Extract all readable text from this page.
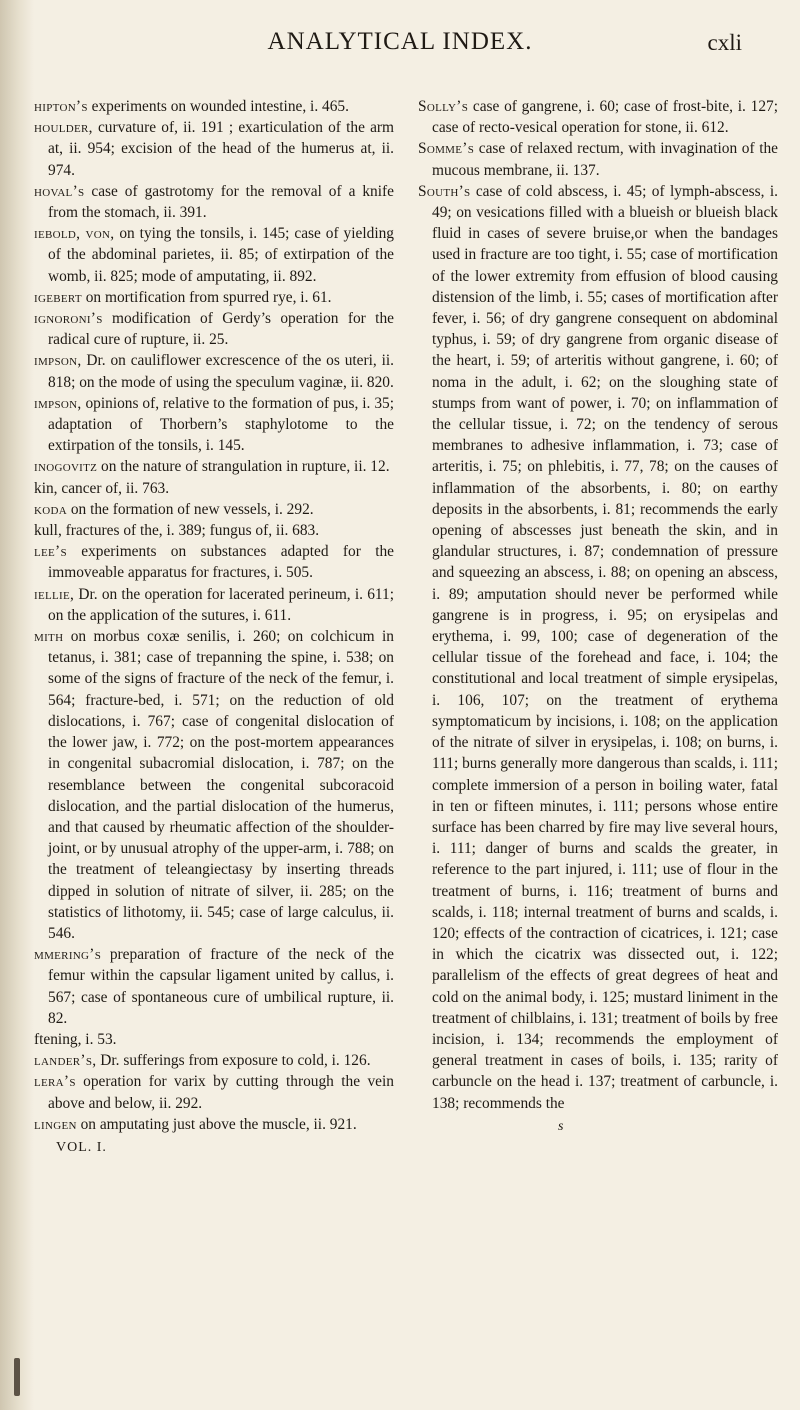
ANALYTICAL INDEX.	cxli

hipton’s experiments on wounded intestine, i. 465.

houlder, curvature of, ii. 191 ; exarticulation of the arm at, ii. 954; excision of the head of the humerus at, ii. 974.

hoval’s case of gastrotomy for the removal of a knife from the stomach, ii. 391.

iebold, von, on tying the tonsils, i. 145; case of yielding of the abdominal parietes, ii. 85; of extirpation of the womb, ii. 825; mode of amputating, ii. 892.

igebert on mortification from spurred rye, i. 61.

ignoroni’s modification of Gerdy’s operation for the radical cure of rupture, ii. 25.

impson, Dr. on cauliflower excrescence of the os uteri, ii. 818; on the mode of using the speculum vaginæ, ii. 820.

impson, opinions of, relative to the formation of pus, i. 35; adaptation of Thorbern’s staphylotome to the extirpation of the tonsils, i. 145.

inogovitz on the nature of strangulation in rupture, ii. 12.

kin, cancer of, ii. 763.

koda on the formation of new vessels, i. 292.

kull, fractures of the, i. 389; fungus of, ii. 683.

lee’s experiments on substances adapted for the immoveable apparatus for fractures, i. 505.

iellie, Dr. on the operation for lacerated perineum, i. 611; on the application of the sutures, i. 611.

mith on morbus coxæ senilis, i. 260; on colchicum in tetanus, i. 381; case of trepanning the spine, i. 538; on some of the signs of fracture of the neck of the femur, i. 564; fracture-bed, i. 571; on the reduction of old dislocations, i. 767; case of congenital dislocation of the lower jaw, i. 772; on the post-mortem appearances in congenital subacromial dislocation, i. 787; on the resemblance between the congenital subcoracoid dislocation, and the partial dislocation of the humerus, and that caused by rheumatic affection of the shoulder-joint, or by unusual atrophy of the upper-arm, i. 788; on the treatment of teleangiectasy by inserting threads dipped in solution of nitrate of silver, ii. 285; on the statistics of lithotomy, ii. 545; case of large calculus, ii. 546.

mmering’s preparation of fracture of the neck of the femur within the capsular ligament united by callus, i. 567; case of spontaneous cure of umbilical rupture, ii. 82.

ftening, i. 53.

lander’s, Dr. sufferings from exposure to cold, i. 126.

lera’s operation for varix by cutting through the vein above and below, ii. 292.

lingen on amputating just above the muscle, ii. 921.

VOL. I.

Solly’s case of gangrene, i. 60; case of frost-bite, i. 127; case of recto-vesical operation for stone, ii. 612.

Somme’s case of relaxed rectum, with invagination of the mucous membrane, ii. 137.

South’s case of cold abscess, i. 45; of lymph-abscess, i. 49; on vesications filled with a blueish or blueish black fluid in cases of severe bruise,or when the bandages used in fracture are too tight, i. 55; case of mortification of the lower extremity from effusion of blood causing distension of the limb, i. 55; cases of mortification after fever, i. 56; of dry gangrene consequent on abdominal typhus, i. 59; of dry gangrene from organic disease of the heart, i. 59; of arteritis without gangrene, i. 60; of noma in the adult, i. 62; on the sloughing state of stumps from want of power, i. 70; on inflammation of the cellular tissue, i. 72; on the tendency of serous membranes to adhesive inflammation, i. 73; case of arteritis, i. 75; on phlebitis, i. 77, 78; on the causes of inflammation of the absorbents, i. 80; on earthy deposits in the absorbents, i. 81; recommends the early opening of abscesses just beneath the skin, and in glandular structures, i. 87; condemnation of pressure and squeezing an abscess, i. 88; on opening an abscess, i. 89; amputation should never be performed while gangrene is in progress, i. 95; on erysipelas and erythema, i. 99, 100; case of degeneration of the cellular tissue of the forehead and face, i. 104; the constitutional and local treatment of simple erysipelas, i. 106, 107; on the treatment of erythema symptomaticum by incisions, i. 108; on the application of the nitrate of silver in erysipelas, i. 108; on burns, i. 111; burns generally more dangerous than scalds, i. 111; complete immersion of a person in boiling water, fatal in ten or fifteen minutes, i. 111; persons whose entire surface has been charred by fire may live several hours, i. 111; danger of burns and scalds the greater, in reference to the part injured, i. 111; use of flour in the treatment of burns, i. 116; treatment of burns and scalds, i. 118; internal treatment of burns and scalds, i. 120; effects of the contraction of cicatrices, i. 121; case in which the cicatrix was dissected out, i. 122; parallelism of the effects of great degrees of heat and cold on the animal body, i. 125; mustard liniment in the treatment of chilblains, i. 131; treatment of boils by free incision, i. 134; recommends the employment of general treatment in cases of boils, i. 135; rarity of carbuncle on the head i. 137; treatment of carbuncle, i. 138; recommends the

s
